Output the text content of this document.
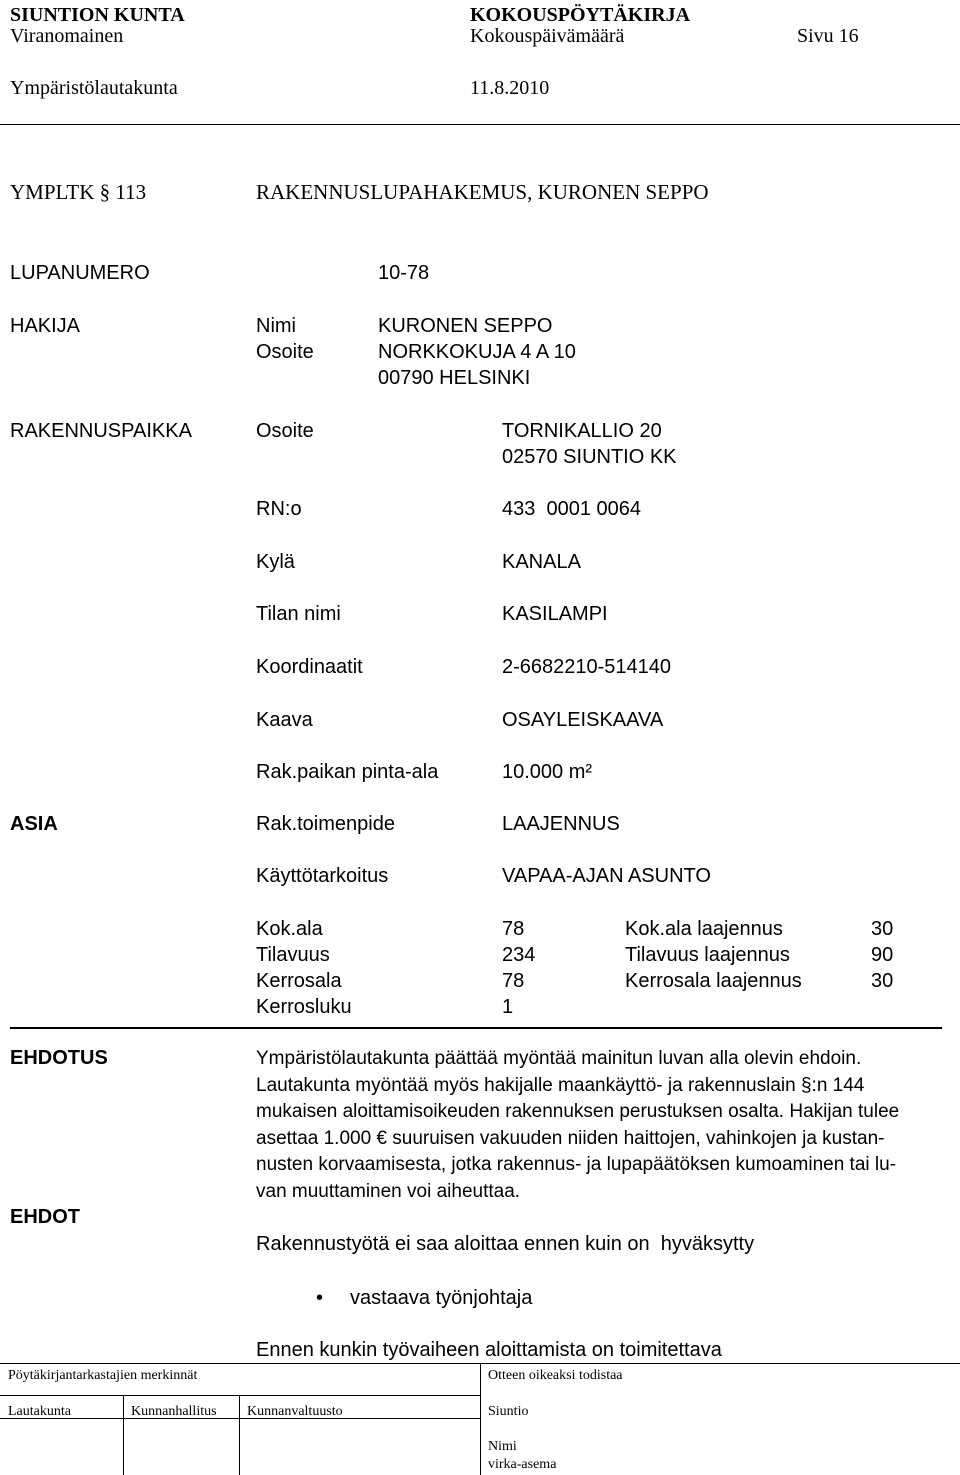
SIUNTION KUNTA	KOKOUSPÖYTÄKIRJA
Viranomainen	Kokouspäivämäärä	Sivu 16
Ympäristölautakunta	11.8.2010
YMPLTK § 113	RAKENNUSLUPAHAKEMUS, KURONEN SEPPO
LUPANUMERO	10-78
HAKIJA	Nimi	KURONEN SEPPO
Osoite	NORKKOKUJA 4 A 10
00790 HELSINKI
RAKENNUSPAIKKA	Osoite	TORNIKALLIO 20
02570 SIUNTIO KK
RN:o	433  0001 0064
Kylä	KANALA
Tilan nimi	KASILAMPI
Koordinaatit	2-6682210-514140
Kaava	OSAYLEISKAAVA
Rak.paikan pinta-ala	10.000 m²
ASIA	Rak.toimenpide	LAAJENNUS
Käyttötarkoitus	VAPAA-AJAN ASUNTO
Kok.ala	78	Kok.ala laajennus	30
Tilavuus	234	Tilavuus laajennus	90
Kerrosala	78	Kerrosala laajennus	30
Kerrosluku	1
EHDOTUS	Ympäristölautakunta päättää myöntää mainitun luvan alla olevin ehdoin.
Lautakunta myöntää myös hakijalle maankäyttö- ja rakennuslain §:n 144
mukaisen aloittamisoikeuden rakennuksen perustuksen osalta. Hakijan tulee
asettaa 1.000 € suuruisen vakuuden niiden haittojen, vahinkojen ja kustan-
nusten korvaamisesta, jotka rakennus- ja lupapäätöksen kumoaminen tai lu-
van muuttaminen voi aiheuttaa.
EHDOT
Rakennustyötä ei saa aloittaa ennen kuin on  hyväksytty
• vastaava työnjohtaja
Ennen kunkin työvaiheen aloittamista on toimitettava
Pöytäkirjantarkastajien merkinnät	Otteen oikeaksi todistaa
Lautakunta	Kunnanhallitus Kunnanvaltuusto	Siuntio
Nimi
virka-asema
